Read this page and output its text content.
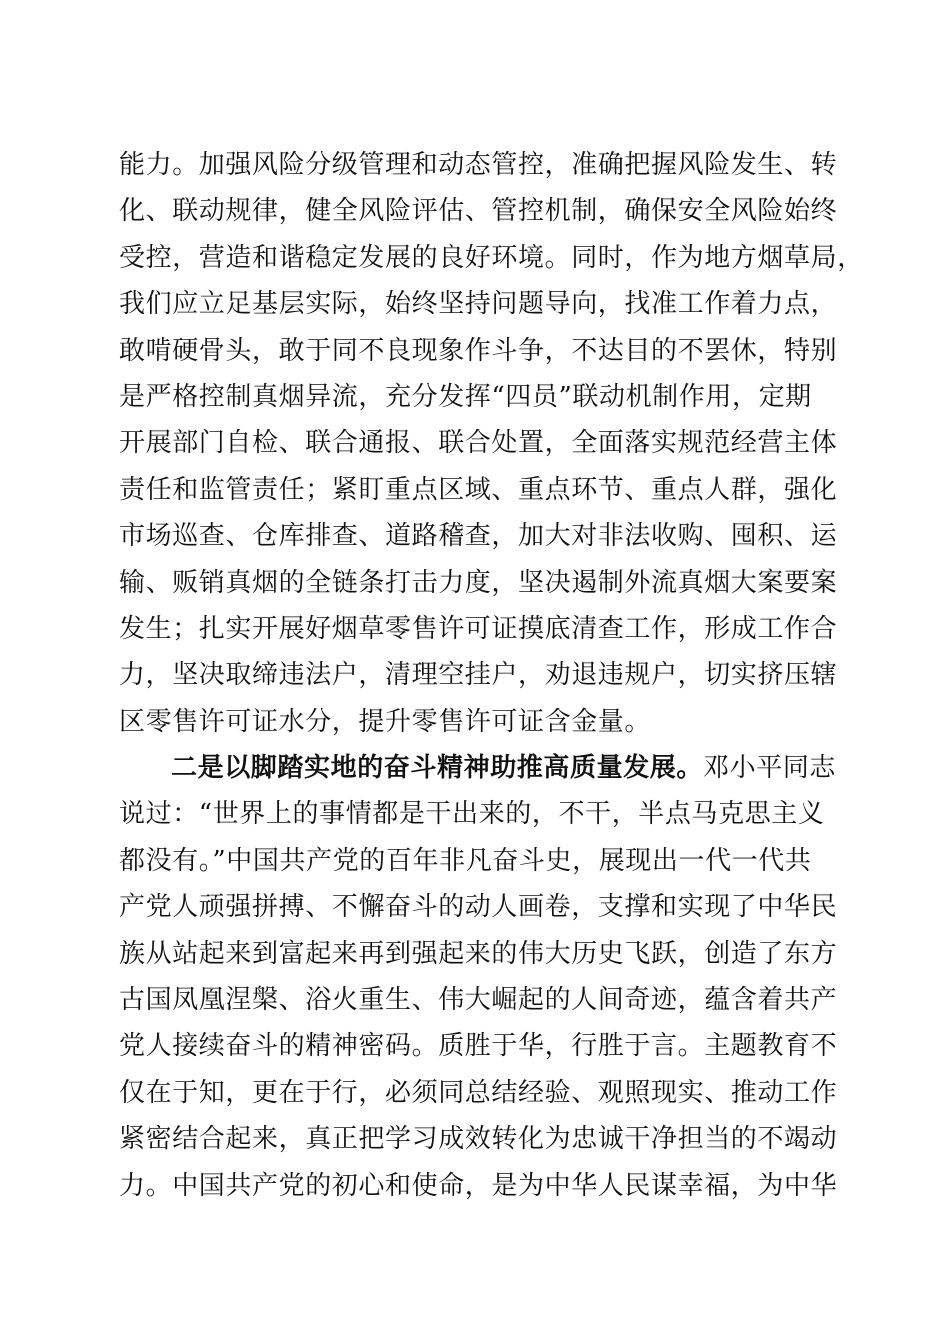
能力。加强风险分级管理和动态管控，准确把握风险发生、转
化、联动规律，健全风险评估、管控机制，确保安全风险始终
受控，营造和谐稳定发展的良好环境。同时，作为地方烟草局，
我们应立足基层实际，始终坚持问题导向，找准工作着力点，
敢啃硬骨头，敢于同不良现象作斗争，不达目的不罢休，特别
是严格控制真烟异流，充分发挥“四员”联动机制作用，定期
开展部门自检、联合通报、联合处置，全面落实规范经营主体
责任和监管责任；紧盯重点区域、重点环节、重点人群，强化
市场巡查、仓库排查、道路稽查，加大对非法收购、囤积、运
输、贩销真烟的全链条打击力度，坚决遏制外流真烟大案要案
发生；扎实开展好烟草零售许可证摸底清查工作，形成工作合
力，坚决取缔违法户，清理空挂户，劝退违规户，切实挤压辖
区零售许可证水分，提升零售许可证含金量。
二是以脚踏实地的奋斗精神助推高质量发展。邓小平同志
说过：“世界上的事情都是干出来的，不干，半点马克思主义
都没有。”中国共产党的百年非凡奋斗史，展现出一代一代共
产党人顽强拼搏、不懈奋斗的动人画卷，支撑和实现了中华民
族从站起来到富起来再到强起来的伟大历史飞跃，创造了东方
古国凤凰涅槃、浴火重生、伟大崛起的人间奇迹，蕴含着共产
党人接续奋斗的精神密码。质胜于华，行胜于言。主题教育不
仅在于知，更在于行，必须同总结经验、观照现实、推动工作
紧密结合起来，真正把学习成效转化为忠诚干净担当的不竭动
力。中国共产党的初心和使命，是为中华人民谋幸福，为中华
